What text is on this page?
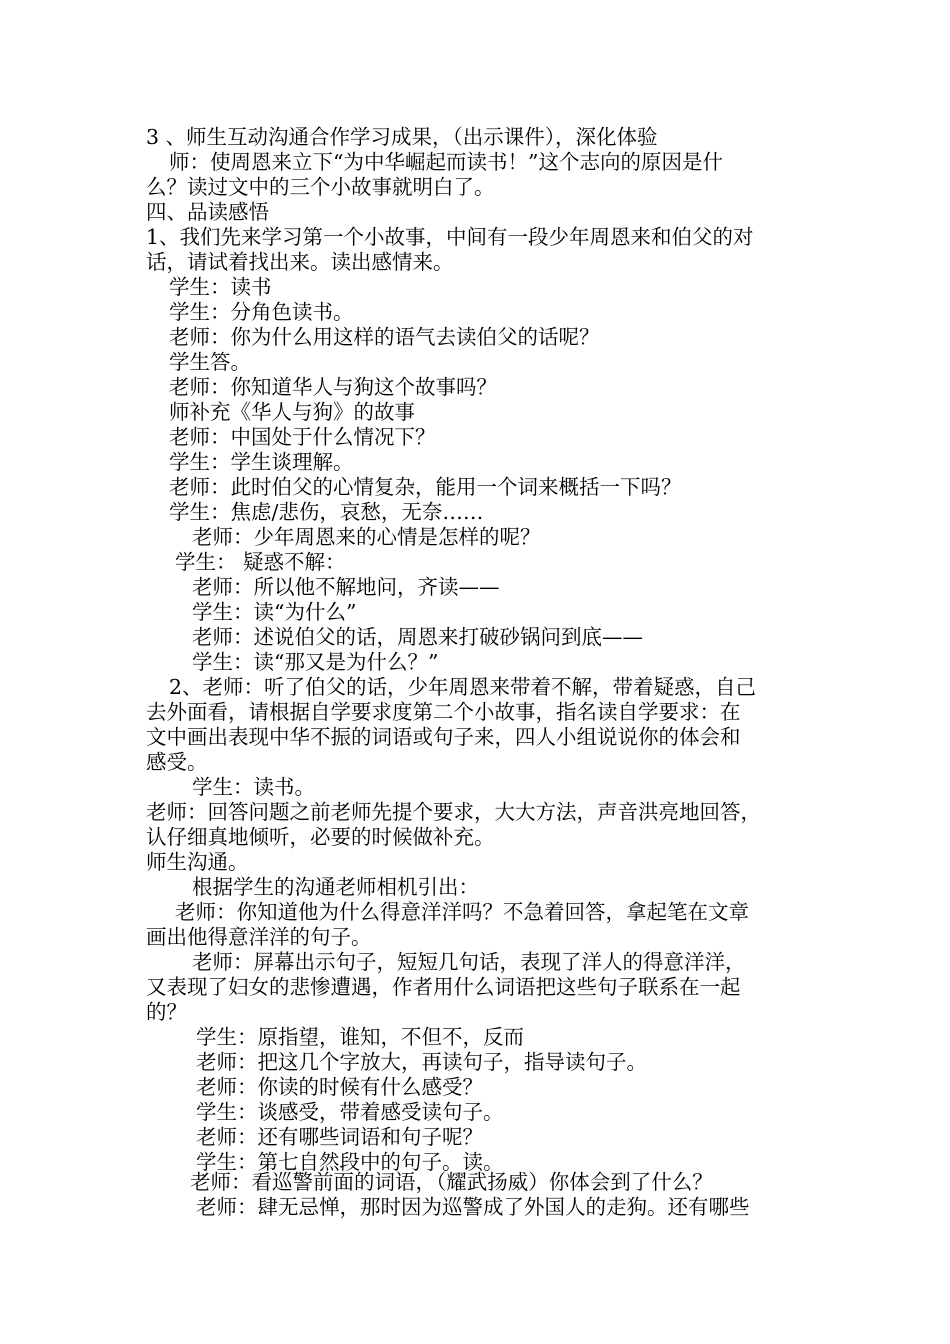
3 、师生互动沟通合作学习成果，（出示课件），深化体验
师：使周恩来立下“为中华崛起而读书！”这个志向的原因是什
么？读过文中的三个小故事就明白了。
四、品读感悟
1、我们先来学习第一个小故事，中间有一段少年周恩来和伯父的对
话，请试着找出来。读出感情来。
学生：读书
学生：分角色读书。
老师：你为什么用这样的语气去读伯父的话呢？
学生答。
老师：你知道华人与狗这个故事吗？
师补充《华人与狗》的故事
老师：中国处于什么情况下？
学生：学生谈理解。
老师：此时伯父的心情复杂，能用一个词来概括一下吗？
学生：焦虑/悲伤，哀愁，无奈……
老师：少年周恩来的心情是怎样的呢？
学生： 疑惑不解：
老师：所以他不解地问，齐读——
学生：读“为什么”
老师：述说伯父的话，周恩来打破砂锅问到底——
学生：读“那又是为什么？”
2、老师：听了伯父的话，少年周恩来带着不解，带着疑惑，自己
去外面看，请根据自学要求度第二个小故事，指名读自学要求：在
文中画出表现中华不振的词语或句子来，四人小组说说你的体会和
感受。
学生：读书。
老师：回答问题之前老师先提个要求，大大方法，声音洪亮地回答，
认仔细真地倾听，必要的时候做补充。
师生沟通。
根据学生的沟通老师相机引出：
老师：你知道他为什么得意洋洋吗？不急着回答，拿起笔在文章
画出他得意洋洋的句子。
老师：屏幕出示句子，短短几句话，表现了洋人的得意洋洋，
又表现了妇女的悲惨遭遇，作者用什么词语把这些句子联系在一起
的？
学生：原指望，谁知，不但不，反而
老师：把这几个字放大，再读句子，指导读句子。
老师：你读的时候有什么感受？
学生：谈感受，带着感受读句子。
老师：还有哪些词语和句子呢？
学生：第七自然段中的句子。读。
老师：看巡警前面的词语，（耀武扬威）你体会到了什么？
老师：肆无忌惮，那时因为巡警成了外国人的走狗。还有哪些
